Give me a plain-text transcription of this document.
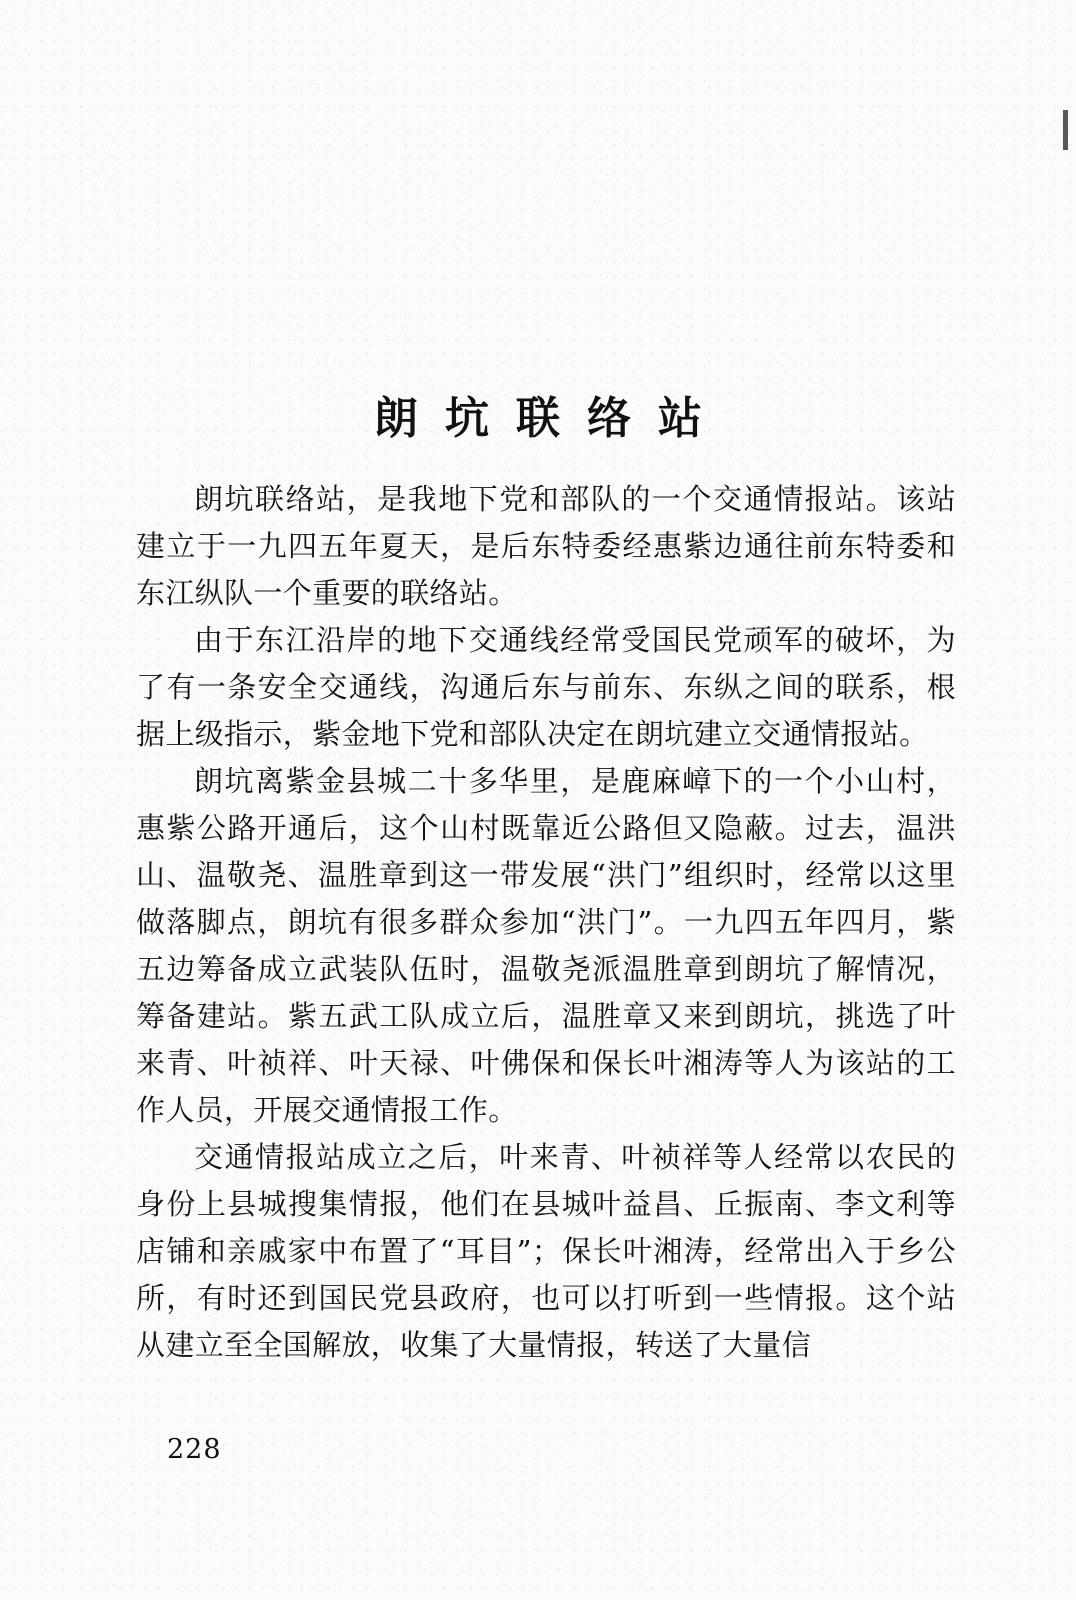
朗坑联络站

朗坑联络站，是我地下党和部队的一个交通情报站。该站建立于一九四五年夏天，是后东特委经惠紫边通往前东特委和东江纵队一个重要的联络站。

由于东江沿岸的地下交通线经常受国民党顽军的破坏，为了有一条安全交通线，沟通后东与前东、东纵之间的联系，根据上级指示，紫金地下党和部队决定在朗坑建立交通情报站。

朗坑离紫金县城二十多华里，是鹿麻嶂下的一个小山村，惠紫公路开通后，这个山村既靠近公路但又隐蔽。过去，温洪山、温敬尧、温胜章到这一带发展“洪门”组织时，经常以这里做落脚点，朗坑有很多群众参加“洪门”。一九四五年四月，紫五边筹备成立武装队伍时，温敬尧派温胜章到朗坑了解情况，筹备建站。紫五武工队成立后，温胜章又来到朗坑，挑选了叶来青、叶祯祥、叶天禄、叶佛保和保长叶湘涛等人为该站的工作人员，开展交通情报工作。

交通情报站成立之后，叶来青、叶祯祥等人经常以农民的身份上县城搜集情报，他们在县城叶益昌、丘振南、李文利等店铺和亲戚家中布置了“耳目”；保长叶湘涛，经常出入于乡公所，有时还到国民党县政府，也可以打听到一些情报。这个站从建立至全国解放，收集了大量情报，转送了大量信

228
